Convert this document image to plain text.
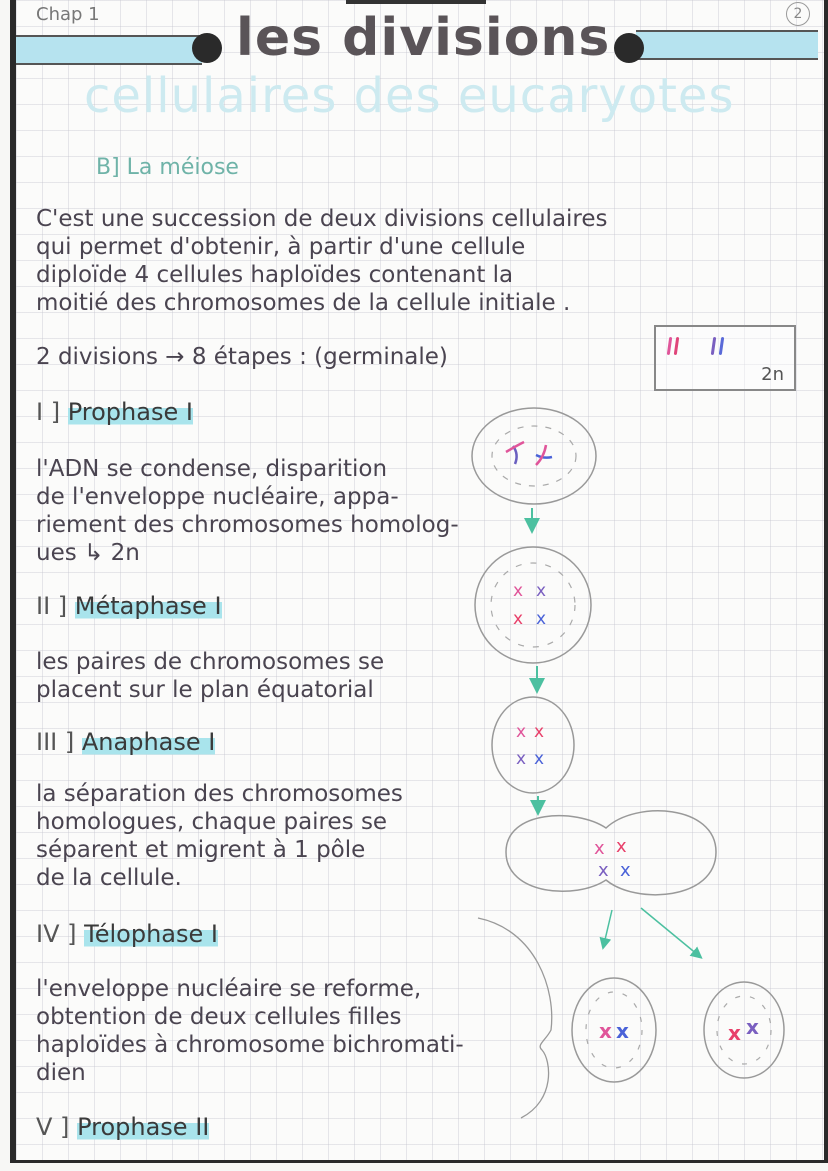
Chap 1	2
les divisions
cellulaires des eucaryotes
B] La méiose
C'est une succession de deux divisions cellulaires
qui permet d'obtenir, à partir d'une cellule
diploïde 4 cellules haploïdes contenant la
moitié des chromosomes de la cellule initiale .
2 divisions → 8 étapes : (germinale)
2n
I ] Prophase I
l'ADN se condense, disparition
de l'enveloppe nucléaire, appa-
riement des chromosomes homolog-
ues ↳ 2n
II ] Métaphase I
les paires de chromosomes se
placent sur le plan équatorial
III ] Anaphase I
la séparation des chromosomes
homologues, chaque paires se
séparent et migrent à 1 pôle
de la cellule.
IV ] Télophase I
l'enveloppe nucléaire se reforme,
obtention de deux cellules filles
haploïdes à chromosome bichromati-
dien
V ] Prophase II
x x
x x
x x
x x
x x
x x
x x	x x
